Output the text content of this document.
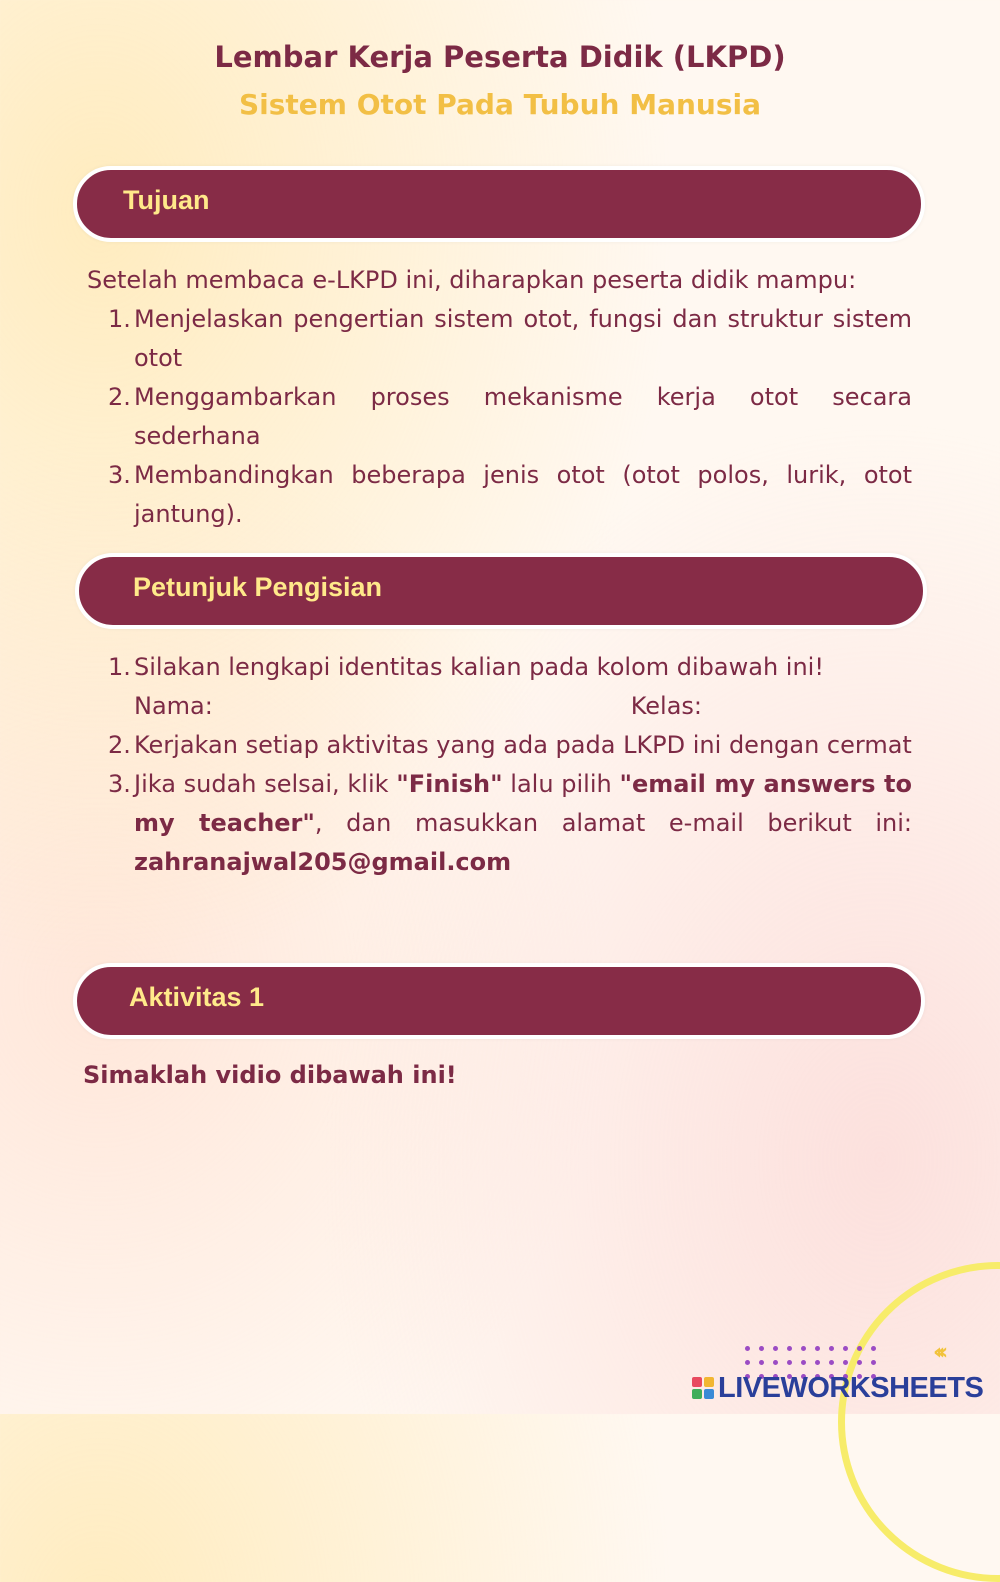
Lembar Kerja Peserta Didik (LKPD)
Sistem Otot Pada Tubuh Manusia
Tujuan
Setelah membaca e-LKPD ini, diharapkan peserta didik mampu:
1. Menjelaskan pengertian sistem otot, fungsi dan struktur sistem otot
2. Menggambarkan proses mekanisme kerja otot secara sederhana
3. Membandingkan beberapa jenis otot (otot polos, lurik, otot jantung).
Petunjuk Pengisian
1. Silakan lengkapi identitas kalian pada kolom dibawah ini!
Nama:	Kelas:
2. Kerjakan setiap aktivitas yang ada pada LKPD ini dengan cermat
3. Jika sudah selsai, klik "Finish" lalu pilih "email my answers to my teacher", dan masukkan alamat e-mail berikut ini: zahranajwal205@gmail.com
Aktivitas 1
Simaklah vidio dibawah ini!
‹‹‹
LIVEWORKSHEETS
